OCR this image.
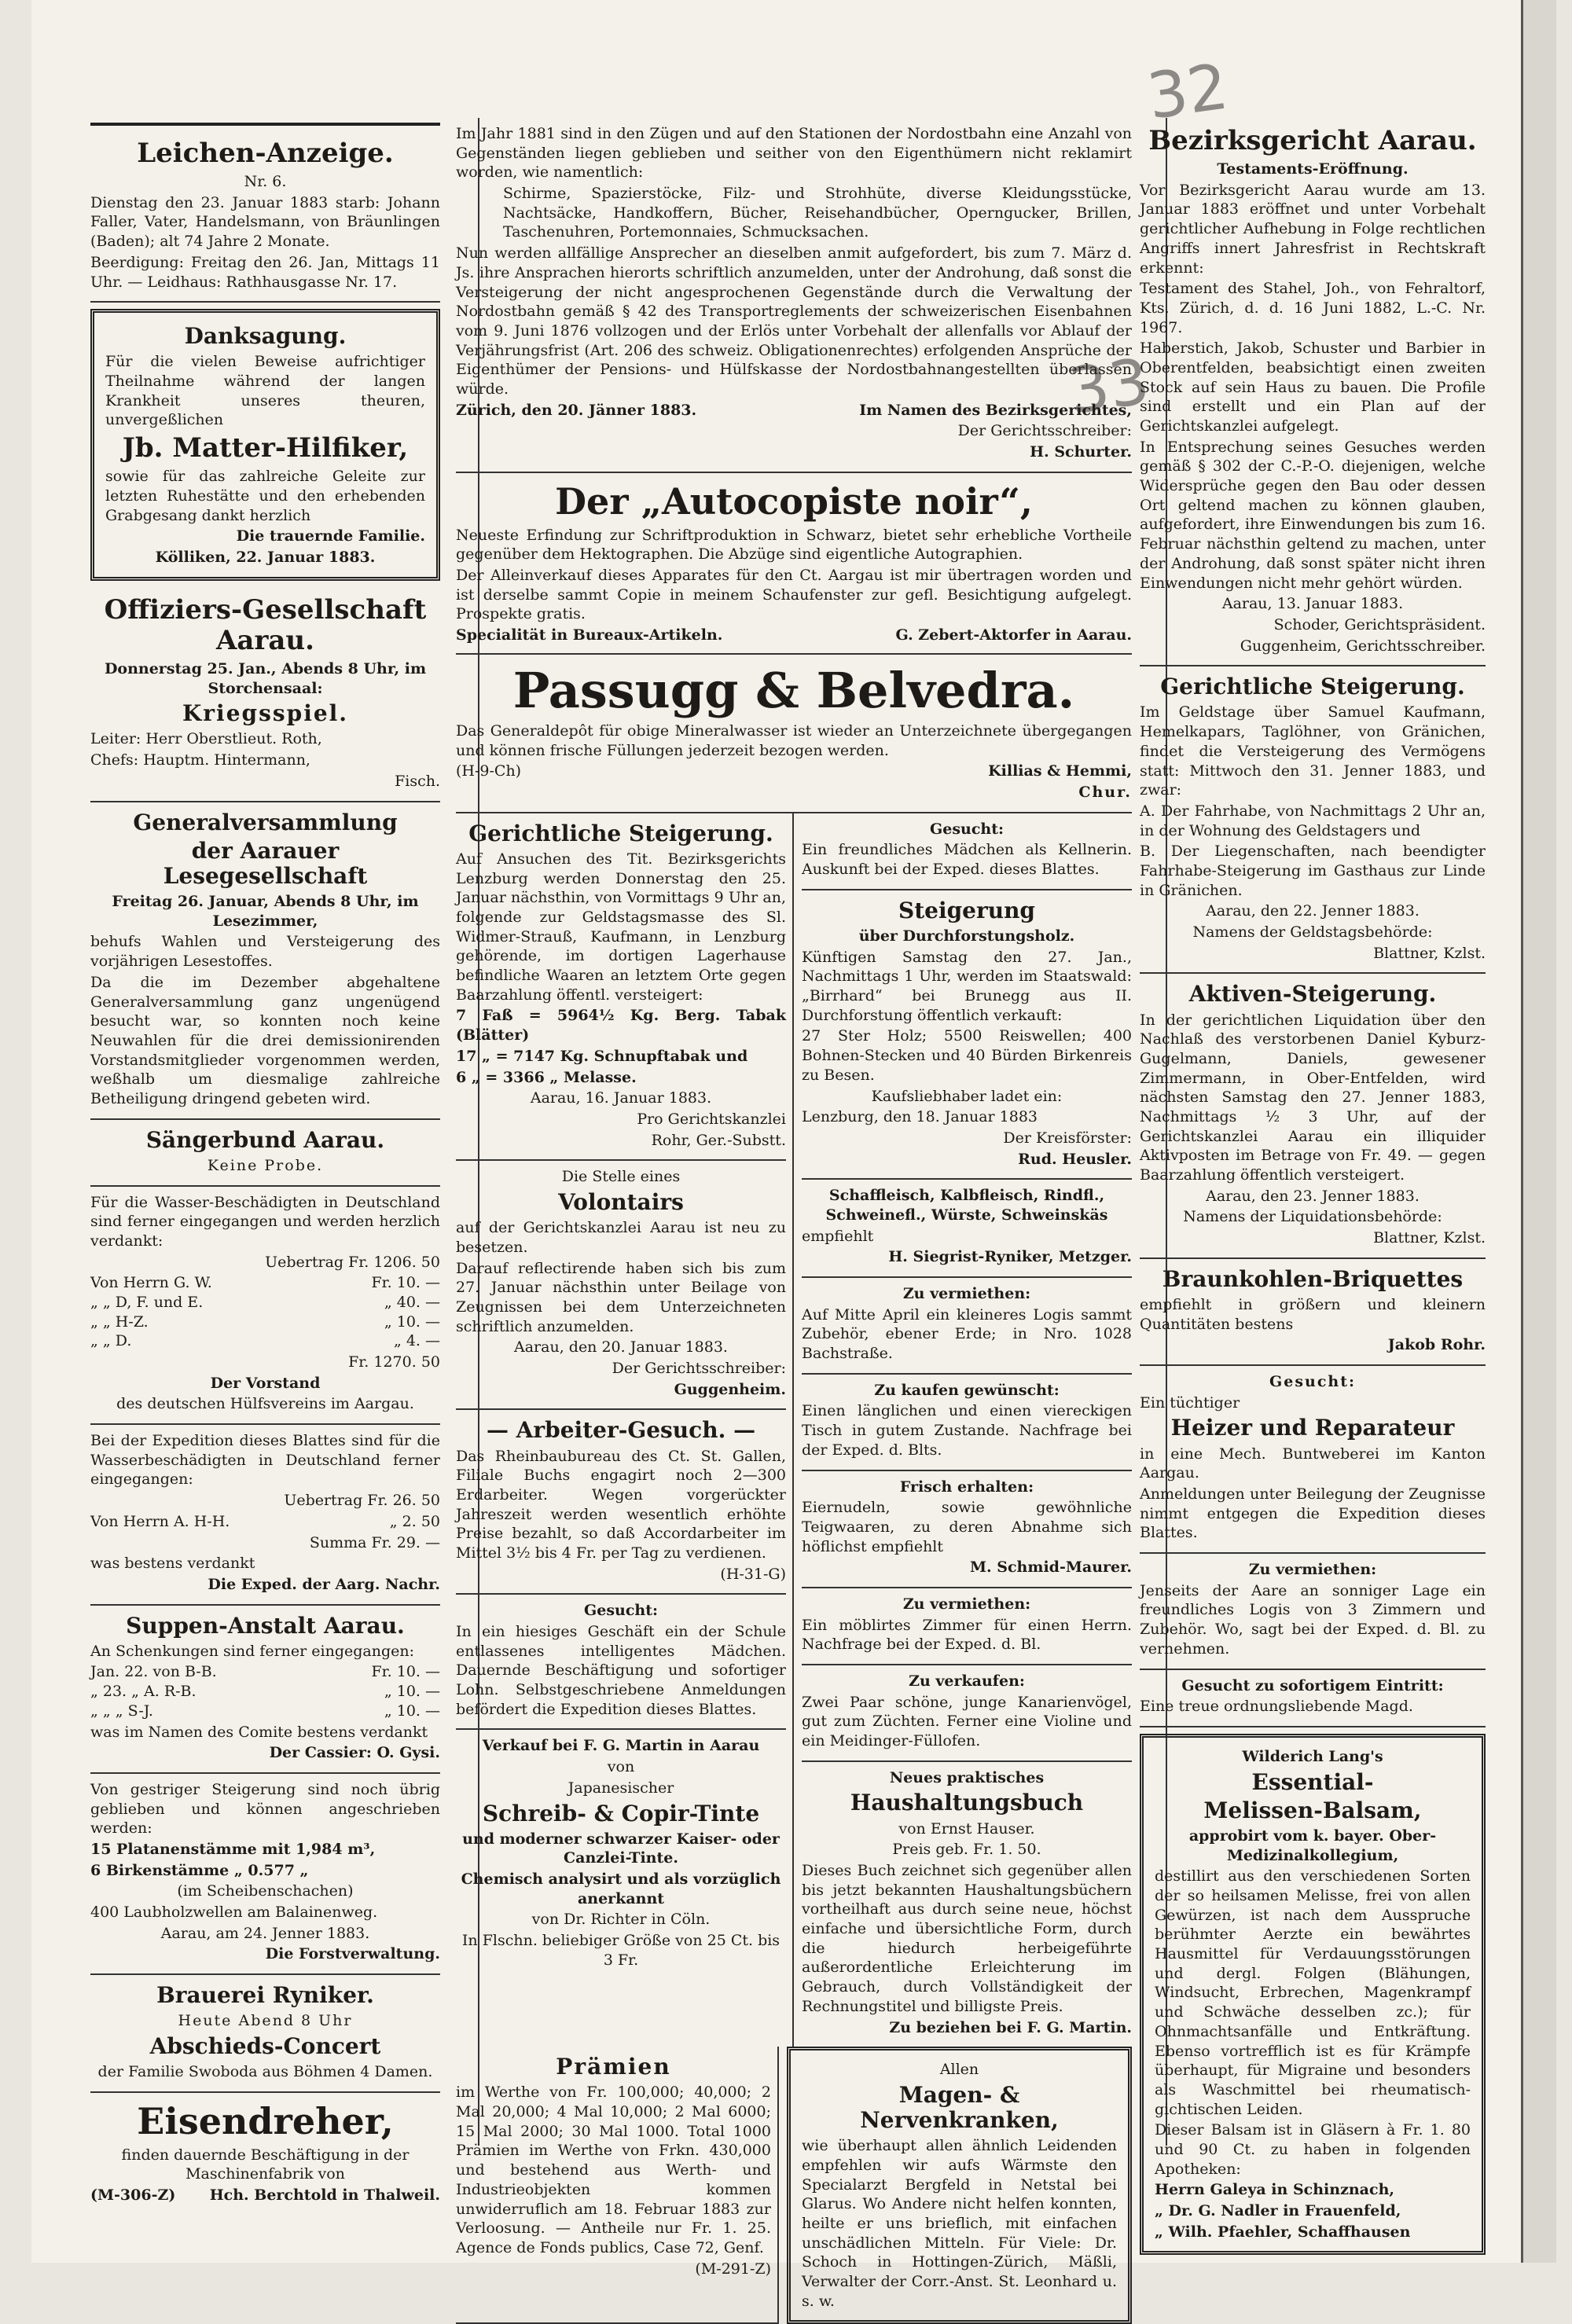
32
33
Leichen-Anzeige.
Nr. 6.
Dienstag den 23. Januar 1883 starb: Johann Faller, Vater, Handelsmann, von Bräunlingen (Baden); alt 74 Jahre 2 Monate.
Beerdigung: Freitag den 26. Jan, Mittags 11 Uhr. — Leidhaus: Rathhausgasse Nr. 17.
Danksagung.
Für die vielen Beweise aufrichtiger Theilnahme während der langen Krankheit unseres theuren, unvergeßlichen
Jb. Matter-Hilfiker,
sowie für das zahlreiche Geleite zur letzten Ruhestätte und den erhebenden Grabgesang dankt herzlich
Die trauernde Familie.
Kölliken, 22. Januar 1883.
Offiziers-Gesellschaft Aarau.
Donnerstag 25. Jan., Abends 8 Uhr, im Storchensaal:
Kriegsspiel.
Leiter: Herr Oberstlieut. Roth,
Chefs: Hauptm. Hintermann,
Fisch.
Generalversammlung
der Aarauer Lesegesellschaft
Freitag 26. Januar, Abends 8 Uhr, im Lesezimmer,
behufs Wahlen und Versteigerung des vorjährigen Lesestoffes.
Da die im Dezember abgehaltene Generalversammlung ganz ungenügend besucht war, so konnten noch keine Neuwahlen für die drei demissionirenden Vorstandsmitglieder vorgenommen werden, weßhalb um diesmalige zahlreiche Betheiligung dringend gebeten wird.
Sängerbund Aarau.
Keine Probe.
Für die Wasser-Beschädigten in Deutschland sind ferner eingegangen und werden herzlich verdankt:
Uebertrag Fr. 1206. 50
Von Herrn G. W.	Fr. 10. —
„ „ D, F. und E.	„ 40. —
„ „ H-Z.	„ 10. —
„ „ D.	„ 4. —
Fr. 1270. 50
Der Vorstand
des deutschen Hülfsvereins im Aargau.
Bei der Expedition dieses Blattes sind für die Wasserbeschädigten in Deutschland ferner eingegangen:
Uebertrag Fr. 26. 50
Von Herrn A. H-H.	„ 2. 50
Summa Fr. 29. —
was bestens verdankt
Die Exped. der Aarg. Nachr.
Suppen-Anstalt Aarau.
An Schenkungen sind ferner eingegangen:
Jan. 22. von B-B.	Fr. 10. —
„ 23. „ A. R-B.	„ 10. —
„ „ „ S-J.	„ 10. —
was im Namen des Comite bestens verdankt
Der Cassier: O. Gysi.
Von gestriger Steigerung sind noch übrig geblieben und können angeschrieben werden:
15 Platanenstämme mit 1,984 m³,
6 Birkenstämme „ 0.577 „
(im Scheibenschachen)
400 Laubholzwellen am Balainenweg.
Aarau, am 24. Jenner 1883.
Die Forstverwaltung.
Brauerei Ryniker.
Heute Abend 8 Uhr
Abschieds-Concert
der Familie Swoboda aus Böhmen 4 Damen.
Eisendreher,
finden dauernde Beschäftigung in der Maschinenfabrik von
(M-306-Z) Hch. Berchtold in Thalweil.
Im Jahr 1881 sind in den Zügen und auf den Stationen der Nordostbahn eine Anzahl von Gegenständen liegen geblieben und seither von den Eigenthümern nicht reklamirt worden, wie namentlich:
Schirme, Spazierstöcke, Filz- und Strohhüte, diverse Kleidungsstücke, Nachtsäcke, Handkoffern, Bücher, Reisehandbücher, Operngucker, Brillen, Taschenuhren, Portemonnaies, Schmucksachen.
Nun werden allfällige Ansprecher an dieselben anmit aufgefordert, bis zum 7. März d. Js. ihre Ansprachen hierorts schriftlich anzumelden, unter der Androhung, daß sonst die Versteigerung der nicht angesprochenen Gegenstände durch die Verwaltung der Nordostbahn gemäß § 42 des Transportreglements der schweizerischen Eisenbahnen vom 9. Juni 1876 vollzogen und der Erlös unter Vorbehalt der allenfalls vor Ablauf der Verjährungsfrist (Art. 206 des schweiz. Obligationenrechtes) erfolgenden Ansprüche der Eigenthümer der Pensions- und Hülfskasse der Nordostbahnangestellten überlassen würde.
Zürich, den 20. Jänner 1883.	Im Namen des Bezirksgerichtes,
Der Gerichtsschreiber:
H. Schurter.
Der „Autocopiste noir“,
Neueste Erfindung zur Schriftproduktion in Schwarz, bietet sehr erhebliche Vortheile gegenüber dem Hektographen. Die Abzüge sind eigentliche Autographien.
Der Alleinverkauf dieses Apparates für den Ct. Aargau ist mir übertragen worden und ist derselbe sammt Copie in meinem Schaufenster zur gefl. Besichtigung aufgelegt. Prospekte gratis.
Specialität in Bureaux-Artikeln.	G. Zebert-Aktorfer in Aarau.
Passugg & Belvedra.
Das Generaldepôt für obige Mineralwasser ist wieder an Unterzeichnete übergegangen und können frische Füllungen jederzeit bezogen werden.
(H-9-Ch)	Killias & Hemmi,
Chur.
Gerichtliche Steigerung.
Auf Ansuchen des Tit. Bezirksgerichts Lenzburg werden Donnerstag den 25. Januar nächsthin, von Vormittags 9 Uhr an, folgende zur Geldstagsmasse des Sl. Widmer-Strauß, Kaufmann, in Lenzburg gehörende, im dortigen Lagerhause befindliche Waaren an letztem Orte gegen Baarzahlung öffentl. versteigert:
7 Faß = 5964½ Kg. Berg. Tabak (Blätter)
17 „ = 7147 Kg. Schnupftabak und
6 „ = 3366 „ Melasse.
Aarau, 16. Januar 1883.
Pro Gerichtskanzlei
Rohr, Ger.-Substt.
Die Stelle eines
Volontairs
auf der Gerichtskanzlei Aarau ist neu zu besetzen.
Darauf reflectirende haben sich bis zum 27. Januar nächsthin unter Beilage von Zeugnissen bei dem Unterzeichneten schriftlich anzumelden.
Aarau, den 20. Januar 1883.
Der Gerichtsschreiber:
Guggenheim.
— Arbeiter-Gesuch. —
Das Rheinbaubureau des Ct. St. Gallen, Filiale Buchs engagirt noch 2—300 Erdarbeiter. Wegen vorgerückter Jahreszeit werden wesentlich erhöhte Preise bezahlt, so daß Accordarbeiter im Mittel 3½ bis 4 Fr. per Tag zu verdienen.
(H-31-G)
Gesucht:
In ein hiesiges Geschäft ein der Schule entlassenes intelligentes Mädchen. Dauernde Beschäftigung und sofortiger Lohn. Selbstgeschriebene Anmeldungen befördert die Expedition dieses Blattes.
Verkauf bei F. G. Martin in Aarau
von
Japanesischer
Schreib- & Copir-Tinte
und moderner schwarzer Kaiser- oder Canzlei-Tinte.
Chemisch analysirt und als vorzüglich anerkannt
von Dr. Richter in Cöln.
In Flschn. beliebiger Größe von 25 Ct. bis 3 Fr.
Gesucht:
Ein freundliches Mädchen als Kellnerin. Auskunft bei der Exped. dieses Blattes.
Steigerung
über Durchforstungsholz.
Künftigen Samstag den 27. Jan., Nachmittags 1 Uhr, werden im Staatswald: „Birrhard“ bei Brunegg aus II. Durchforstung öffentlich verkauft:
27 Ster Holz; 5500 Reiswellen; 400 Bohnen-Stecken und 40 Bürden Birkenreis zu Besen.
Kaufsliebhaber ladet ein:
Lenzburg, den 18. Januar 1883
Der Kreisförster:
Rud. Heusler.
Schaffleisch, Kalbfleisch, Rindfl., Schweinefl., Würste, Schweinskäs
empfiehlt
H. Siegrist-Ryniker, Metzger.
Zu vermiethen:
Auf Mitte April ein kleineres Logis sammt Zubehör, ebener Erde; in Nro. 1028 Bachstraße.
Zu kaufen gewünscht:
Einen länglichen und einen viereckigen Tisch in gutem Zustande. Nachfrage bei der Exped. d. Blts.
Frisch erhalten:
Eiernudeln, sowie gewöhnliche Teigwaaren, zu deren Abnahme sich höflichst empfiehlt
M. Schmid-Maurer.
Zu vermiethen:
Ein möblirtes Zimmer für einen Herrn. Nachfrage bei der Exped. d. Bl.
Zu verkaufen:
Zwei Paar schöne, junge Kanarienvögel, gut zum Züchten. Ferner eine Violine und ein Meidinger-Füllofen.
Neues praktisches
Haushaltungsbuch
von Ernst Hauser.
Preis geb. Fr. 1. 50.
Dieses Buch zeichnet sich gegenüber allen bis jetzt bekannten Haushaltungsbüchern vortheilhaft aus durch seine neue, höchst einfache und übersichtliche Form, durch die hiedurch herbeigeführte außerordentliche Erleichterung im Gebrauch, durch Vollständigkeit der Rechnungstitel und billigste Preis.
Zu beziehen bei F. G. Martin.
Prämien
im Werthe von Fr. 100,000; 40,000; 2 Mal 20,000; 4 Mal 10,000; 2 Mal 6000; 15 Mal 2000; 30 Mal 1000. Total 1000 Prämien im Werthe von Frkn. 430,000 und bestehend aus Werth- und Industrieobjekten kommen unwiderruflich am 18. Februar 1883 zur Verloosung. — Antheile nur Fr. 1. 25. Agence de Fonds publics, Case 72, Genf.
(M-291-Z)
Allen
Magen- & Nervenkranken,
wie überhaupt allen ähnlich Leidenden empfehlen wir aufs Wärmste den Specialarzt Bergfeld in Netstal bei Glarus. Wo Andere nicht helfen konnten, heilte er uns brieflich, mit einfachen unschädlichen Mitteln. Für Viele: Dr. Schoch in Hottingen-Zürich, Mäßli, Verwalter der Corr.-Anst. St. Leonhard u. s. w.
Bezirksgericht Aarau.
Testaments-Eröffnung.
Vor Bezirksgericht Aarau wurde am 13. Januar 1883 eröffnet und unter Vorbehalt gerichtlicher Aufhebung in Folge rechtlichen Angriffs innert Jahresfrist in Rechtskraft erkennt:
Testament des Stahel, Joh., von Fehraltorf, Kts. Zürich, d. d. 16 Juni 1882, L.-C. Nr. 1967.
Haberstich, Jakob, Schuster und Barbier in Oberentfelden, beabsichtigt einen zweiten Stock auf sein Haus zu bauen. Die Profile sind erstellt und ein Plan auf der Gerichtskanzlei aufgelegt.
In Entsprechung seines Gesuches werden gemäß § 302 der C.-P.-O. diejenigen, welche Widersprüche gegen den Bau oder dessen Ort geltend machen zu können glauben, aufgefordert, ihre Einwendungen bis zum 16. Februar nächsthin geltend zu machen, unter der Androhung, daß sonst später nicht ihren Einwendungen nicht mehr gehört würden.
Aarau, 13. Januar 1883.
Schoder, Gerichtspräsident.
Guggenheim, Gerichtsschreiber.
Gerichtliche Steigerung.
Im Geldstage über Samuel Kaufmann, Hemelkapars, Taglöhner, von Gränichen, findet die Versteigerung des Vermögens statt: Mittwoch den 31. Jenner 1883, und zwar:
A. Der Fahrhabe, von Nachmittags 2 Uhr an, in der Wohnung des Geldstagers und
B. Der Liegenschaften, nach beendigter Fahrhabe-Steigerung im Gasthaus zur Linde in Gränichen.
Aarau, den 22. Jenner 1883.
Namens der Geldstagsbehörde:
Blattner, Kzlst.
Aktiven-Steigerung.
In der gerichtlichen Liquidation über den Nachlaß des verstorbenen Daniel Kyburz-Gugelmann, Daniels, gewesener Zimmermann, in Ober-Entfelden, wird nächsten Samstag den 27. Jenner 1883, Nachmittags ½ 3 Uhr, auf der Gerichtskanzlei Aarau ein illiquider Aktivposten im Betrage von Fr. 49. — gegen Baarzahlung öffentlich versteigert.
Aarau, den 23. Jenner 1883.
Namens der Liquidationsbehörde:
Blattner, Kzlst.
Braunkohlen-Briquettes
empfiehlt in größern und kleinern Quantitäten bestens
Jakob Rohr.
Gesucht:
Ein tüchtiger
Heizer und Reparateur
in eine Mech. Buntweberei im Kanton Aargau.
Anmeldungen unter Beilegung der Zeugnisse nimmt entgegen die Expedition dieses Blattes.
Zu vermiethen:
Jenseits der Aare an sonniger Lage ein freundliches Logis von 3 Zimmern und Zubehör. Wo, sagt bei der Exped. d. Bl. zu vernehmen.
Gesucht zu sofortigem Eintritt:
Eine treue ordnungsliebende Magd.
Wilderich Lang's
Essential-
Melissen-Balsam,
approbirt vom k. bayer. Ober-Medizinalkollegium,
destillirt aus den verschiedenen Sorten der so heilsamen Melisse, frei von allen Gewürzen, ist nach dem Ausspruche berühmter Aerzte ein bewährtes Hausmittel für Verdauungsstörungen und dergl. Folgen (Blähungen, Windsucht, Erbrechen, Magenkrampf und Schwäche desselben zc.); für Ohnmachtsanfälle und Entkräftung. Ebenso vortrefflich ist es für Krämpfe überhaupt, für Migraine und besonders als Waschmittel bei rheumatisch-gichtischen Leiden.
Dieser Balsam ist in Gläsern à Fr. 1. 80 und 90 Ct. zu haben in folgenden Apotheken:
Herrn Galeya in Schinznach,
„ Dr. G. Nadler in Frauenfeld,
„ Wilh. Pfaehler, Schaffhausen
